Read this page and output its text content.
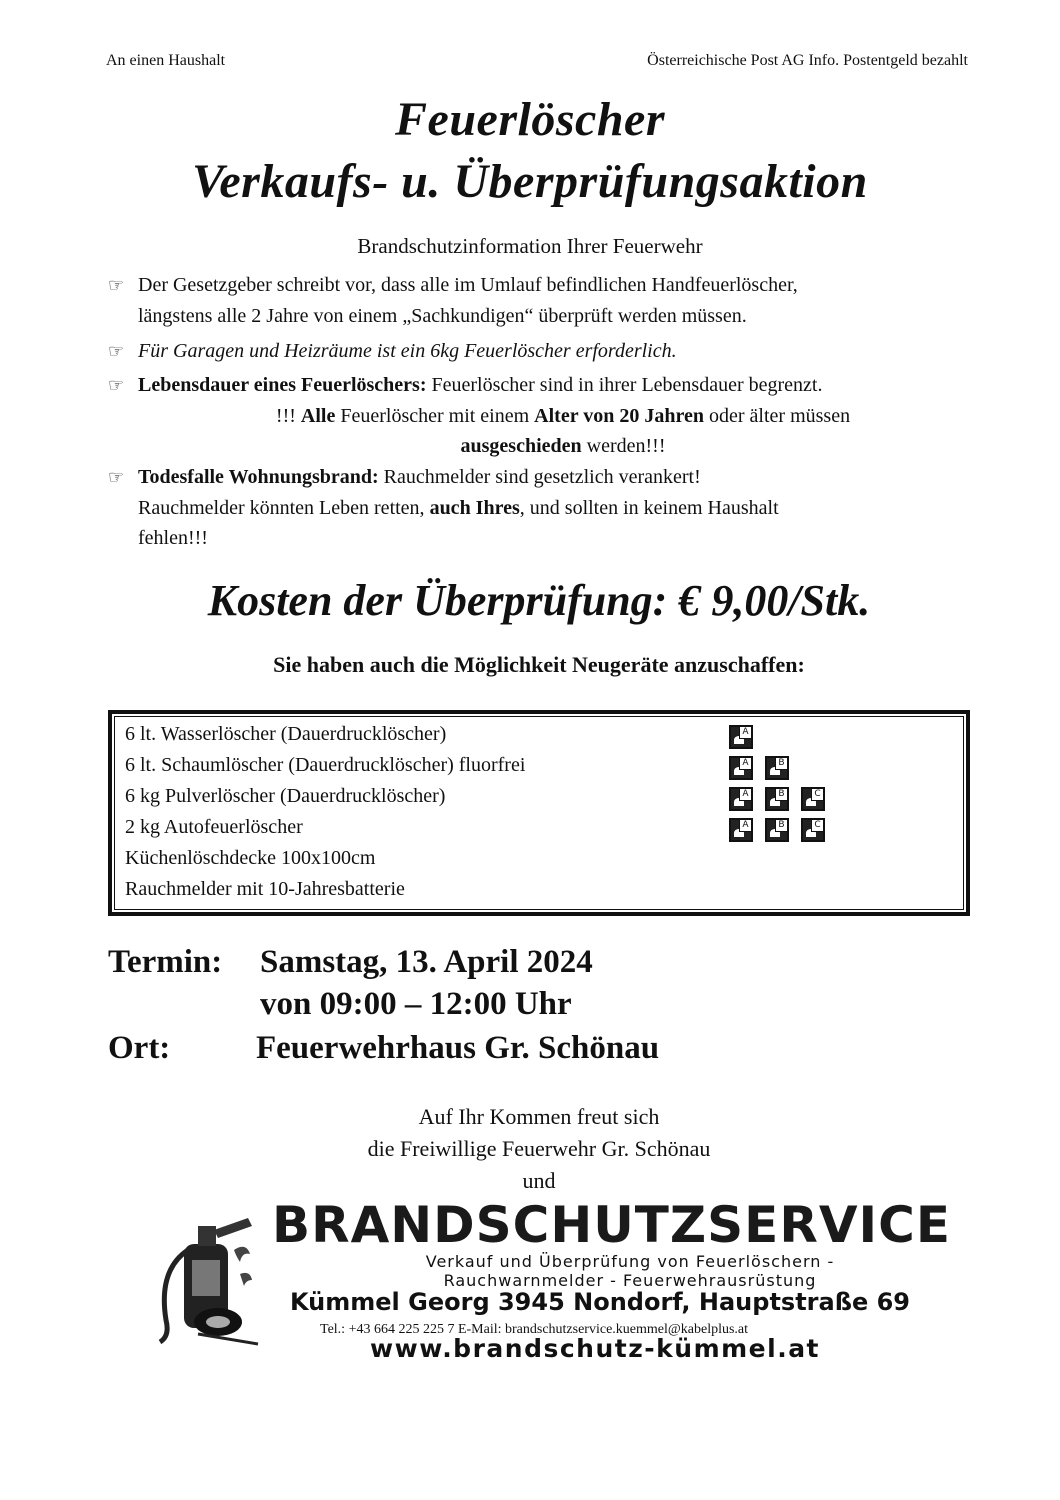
An einen Haushalt	Österreichische Post AG Info. Postentgeld bezahlt
Feuerlöscher
Verkaufs- u. Überprüfungsaktion
Brandschutzinformation Ihrer Feuerwehr
☞ Der Gesetzgeber schreibt vor, dass alle im Umlauf befindlichen Handfeuerlöscher,
längstens alle 2 Jahre von einem „Sachkundigen“ überprüft werden müssen.
☞ Für Garagen und Heizräume ist ein 6kg Feuerlöscher erforderlich.
☞ Lebensdauer eines Feuerlöschers: Feuerlöscher sind in ihrer Lebensdauer begrenzt.
!!! Alle Feuerlöscher mit einem Alter von 20 Jahren oder älter müssen
ausgeschieden werden!!!
☞ Todesfalle Wohnungsbrand: Rauchmelder sind gesetzlich verankert!
Rauchmelder könnten Leben retten, auch Ihres, und sollten in keinem Haushalt
fehlen!!!
Kosten der Überprüfung: € 9,00/Stk.
Sie haben auch die Möglichkeit Neugeräte anzuschaffen:
6 lt. Wasserlöscher (Dauerdrucklöscher)	A
6 lt. Schaumlöscher (Dauerdrucklöscher) fluorfrei	A	B
6 kg Pulverlöscher (Dauerdrucklöscher)	A	B	C
2 kg Autofeuerlöscher	A	B	C
Küchenlöschdecke 100x100cm
Rauchmelder mit 10-Jahresbatterie
Termin: Samstag, 13. April 2024
von 09:00 – 12:00 Uhr
Ort:	Feuerwehrhaus Gr. Schönau
Auf Ihr Kommen freut sich
die Freiwillige Feuerwehr Gr. Schönau
und
BRANDSCHUTZSERVICE
Verkauf und Überprüfung von Feuerlöschern -
Rauchwarnmelder - Feuerwehrausrüstung
Kümmel Georg 3945 Nondorf, Hauptstraße 69
Tel.: +43 664 225 225 7 E-Mail: brandschutzservice.kuemmel@kabelplus.at
www.brandschutz-kümmel.at
